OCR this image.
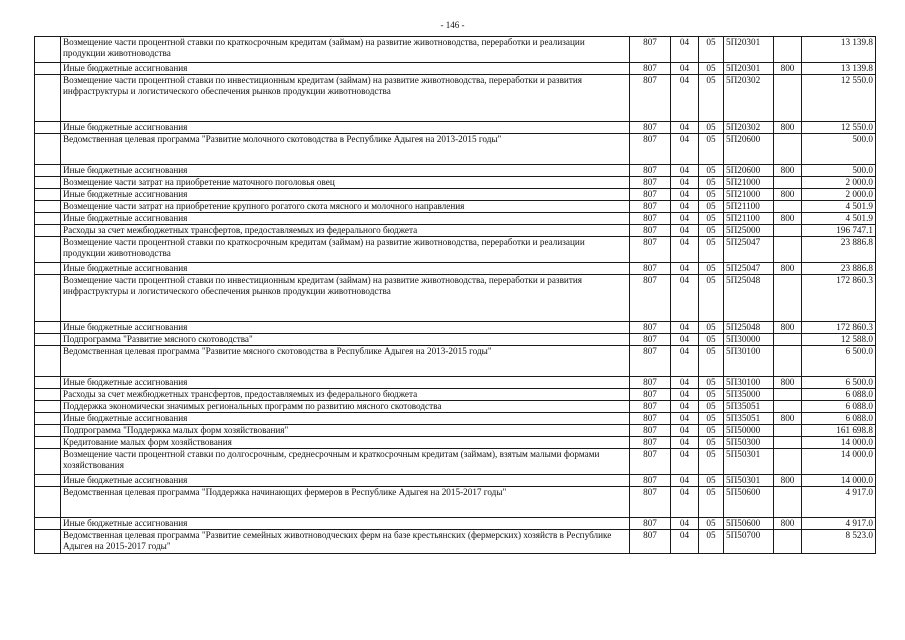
- 146 -
	Возмещение части процентной ставки по краткосрочным кредитам (займам) на развитие животноводства, переработки и реализации продукции животноводства	807	04	05	5П20301		13 139.8
	Иные бюджетные ассигнования	807	04	05	5П20301	800	13 139.8
	Возмещение части процентной ставки по инвестиционным кредитам (займам) на развитие животноводства, переработки и развития инфраструктуры и логистического обеспечения рынков продукции животноводства	807	04	05	5П20302		12 550.0
	Иные бюджетные ассигнования	807	04	05	5П20302	800	12 550.0
	Ведомственная целевая программа "Развитие молочного скотоводства в Республике Адыгея на 2013-2015 годы"	807	04	05	5П20600		500.0
	Иные бюджетные ассигнования	807	04	05	5П20600	800	500.0
	Возмещение части затрат на приобретение маточного поголовья овец	807	04	05	5П21000		2 000.0
	Иные бюджетные ассигнования	807	04	05	5П21000	800	2 000.0
	Возмещение части затрат на приобретение крупного рогатого скота мясного и молочного направления	807	04	05	5П21100		4 501.9
	Иные бюджетные ассигнования	807	04	05	5П21100	800	4 501.9
	Расходы за счет межбюджетных трансфертов, предоставляемых из федерального бюджета	807	04	05	5П25000		196 747.1
	Возмещение части процентной ставки по краткосрочным кредитам (займам) на развитие животноводства, переработки и реализации продукции животноводства	807	04	05	5П25047		23 886.8
	Иные бюджетные ассигнования	807	04	05	5П25047	800	23 886.8
	Возмещение части процентной ставки по инвестиционным кредитам (займам) на развитие животноводства, переработки и развития инфраструктуры и логистического обеспечения рынков продукции животноводства	807	04	05	5П25048		172 860.3
	Иные бюджетные ассигнования	807	04	05	5П25048	800	172 860.3
	Подпрограмма "Развитие мясного скотоводства"	807	04	05	5П30000		12 588.0
	Ведомственная целевая программа "Развитие мясного скотоводства в Республике Адыгея на 2013-2015 годы"	807	04	05	5П30100		6 500.0
	Иные бюджетные ассигнования	807	04	05	5П30100	800	6 500.0
	Расходы за счет межбюджетных трансфертов, предоставляемых из федерального бюджета	807	04	05	5П35000		6 088.0
	Поддержка экономически значимых региональных программ по развитию мясного скотоводства	807	04	05	5П35051		6 088.0
	Иные бюджетные ассигнования	807	04	05	5П35051	800	6 088.0
	Подпрограмма "Поддержка малых форм хозяйствования"	807	04	05	5П50000		161 698.8
	Кредитование малых форм хозяйствования	807	04	05	5П50300		14 000.0
	Возмещение части процентной ставки по долгосрочным, среднесрочным и краткосрочным кредитам (займам), взятым малыми формами хозяйствования	807	04	05	5П50301		14 000.0
	Иные бюджетные ассигнования	807	04	05	5П50301	800	14 000.0
	Ведомственная целевая программа "Поддержка начинающих фермеров в Республике Адыгея на 2015-2017 годы"	807	04	05	5П50600		4 917.0
	Иные бюджетные ассигнования	807	04	05	5П50600	800	4 917.0
	Ведомственная целевая программа "Развитие семейных животноводческих ферм на базе крестьянских (фермерских) хозяйств в Республике Адыгея на 2015-2017 годы"	807	04	05	5П50700		8 523.0
